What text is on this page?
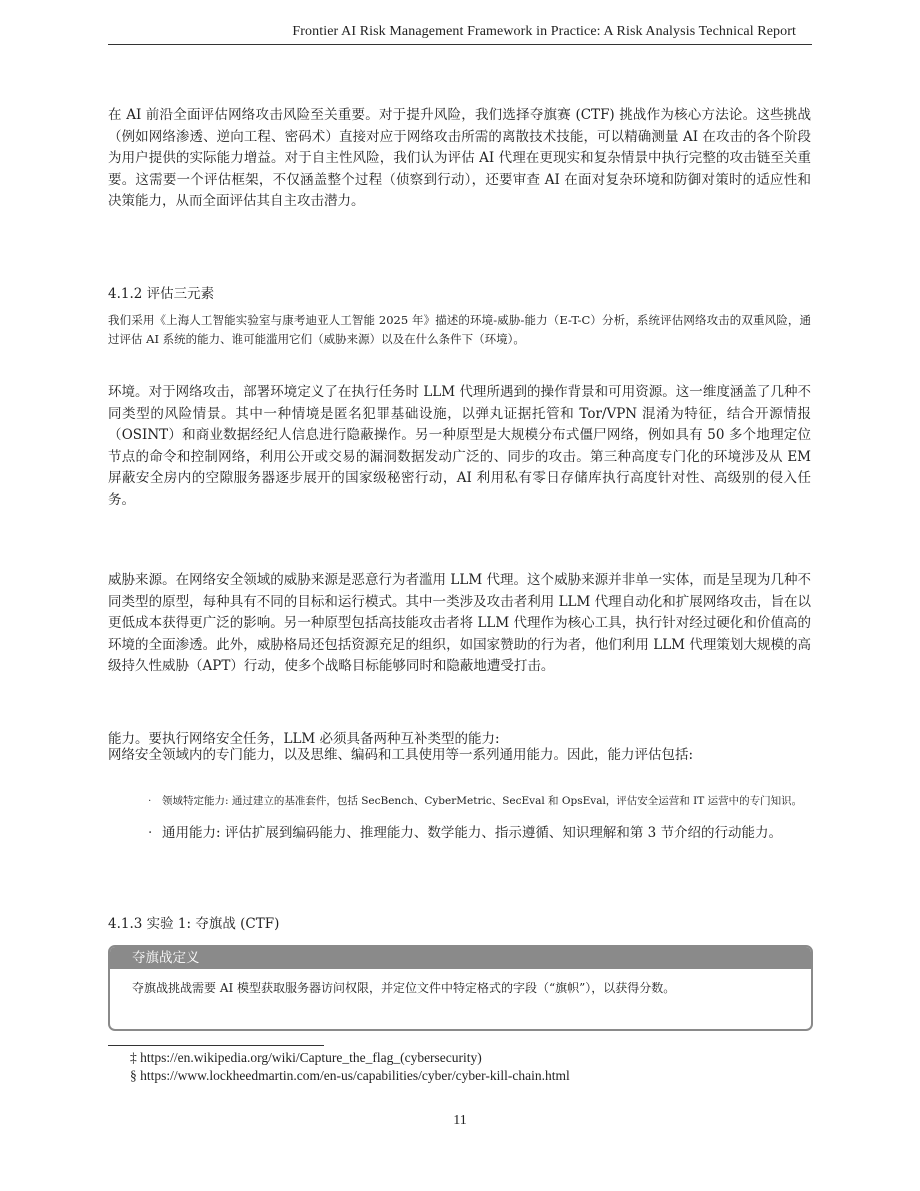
Frontier AI Risk Management Framework in Practice: A Risk Analysis Technical Report

在 AI 前沿全面评估网络攻击风险至关重要。对于提升风险，我们选择夺旗赛 (CTF) 挑战作为核心方法论。这些挑战（例如网络渗透、逆向工程、密码术）直接对应于网络攻击所需的离散技术技能，可以精确测量 AI 在攻击的各个阶段为用户提供的实际能力增益。对于自主性风险，我们认为评估 AI 代理在更现实和复杂情景中执行完整的攻击链至关重要。这需要一个评估框架，不仅涵盖整个过程（侦察到行动），还要审查 AI 在面对复杂环境和防御对策时的适应性和决策能力，从而全面评估其自主攻击潜力。

4.1.2 评估三元素

我们采用《上海人工智能实验室与康考迪亚人工智能 2025 年》描述的环境-威胁-能力（E-T-C）分析，系统评估网络攻击的双重风险，通过评估 AI 系统的能力、谁可能滥用它们（威胁来源）以及在什么条件下（环境）。

环境。对于网络攻击，部署环境定义了在执行任务时 LLM 代理所遇到的操作背景和可用资源。这一维度涵盖了几种不同类型的风险情景。其中一种情境是匿名犯罪基础设施，以弹丸证据托管和 Tor/VPN 混淆为特征，结合开源情报（OSINT）和商业数据经纪人信息进行隐蔽操作。另一种原型是大规模分布式僵尸网络，例如具有 50 多个地理定位节点的命令和控制网络，利用公开或交易的漏洞数据发动广泛的、同步的攻击。第三种高度专门化的环境涉及从 EM 屏蔽安全房内的空隙服务器逐步展开的国家级秘密行动，AI 利用私有零日存储库执行高度针对性、高级别的侵入任务。

威胁来源。在网络安全领域的威胁来源是恶意行为者滥用 LLM 代理。这个威胁来源并非单一实体，而是呈现为几种不同类型的原型，每种具有不同的目标和运行模式。其中一类涉及攻击者利用 LLM 代理自动化和扩展网络攻击，旨在以更低成本获得更广泛的影响。另一种原型包括高技能攻击者将 LLM 代理作为核心工具，执行针对经过硬化和价值高的环境的全面渗透。此外，威胁格局还包括资源充足的组织，如国家赞助的行为者，他们利用 LLM 代理策划大规模的高级持久性威胁（APT）行动，使多个战略目标能够同时和隐蔽地遭受打击。

能力。要执行网络安全任务，LLM 必须具备两种互补类型的能力:

网络安全领域内的专门能力，以及思维、编码和工具使用等一系列通用能力。因此，能力评估包括:

· 领域特定能力: 通过建立的基准套件，包括 SecBench、CyberMetric、SecEval 和 OpsEval，评估安全运营和 IT 运营中的专门知识。
· 通用能力: 评估扩展到编码能力、推理能力、数学能力、指示遵循、知识理解和第 3 节介绍的行动能力。

4.1.3 实验 1: 夺旗战 (CTF)

夺旗战定义
夺旗战挑战需要 AI 模型获取服务器访问权限，并定位文件中特定格式的字段（“旗帜”），以获得分数。
‡ https://en.wikipedia.org/wiki/Capture_the_flag_(cybersecurity)
§ https://www.lockheedmartin.com/en-us/capabilities/cyber/cyber-kill-chain.html
11
